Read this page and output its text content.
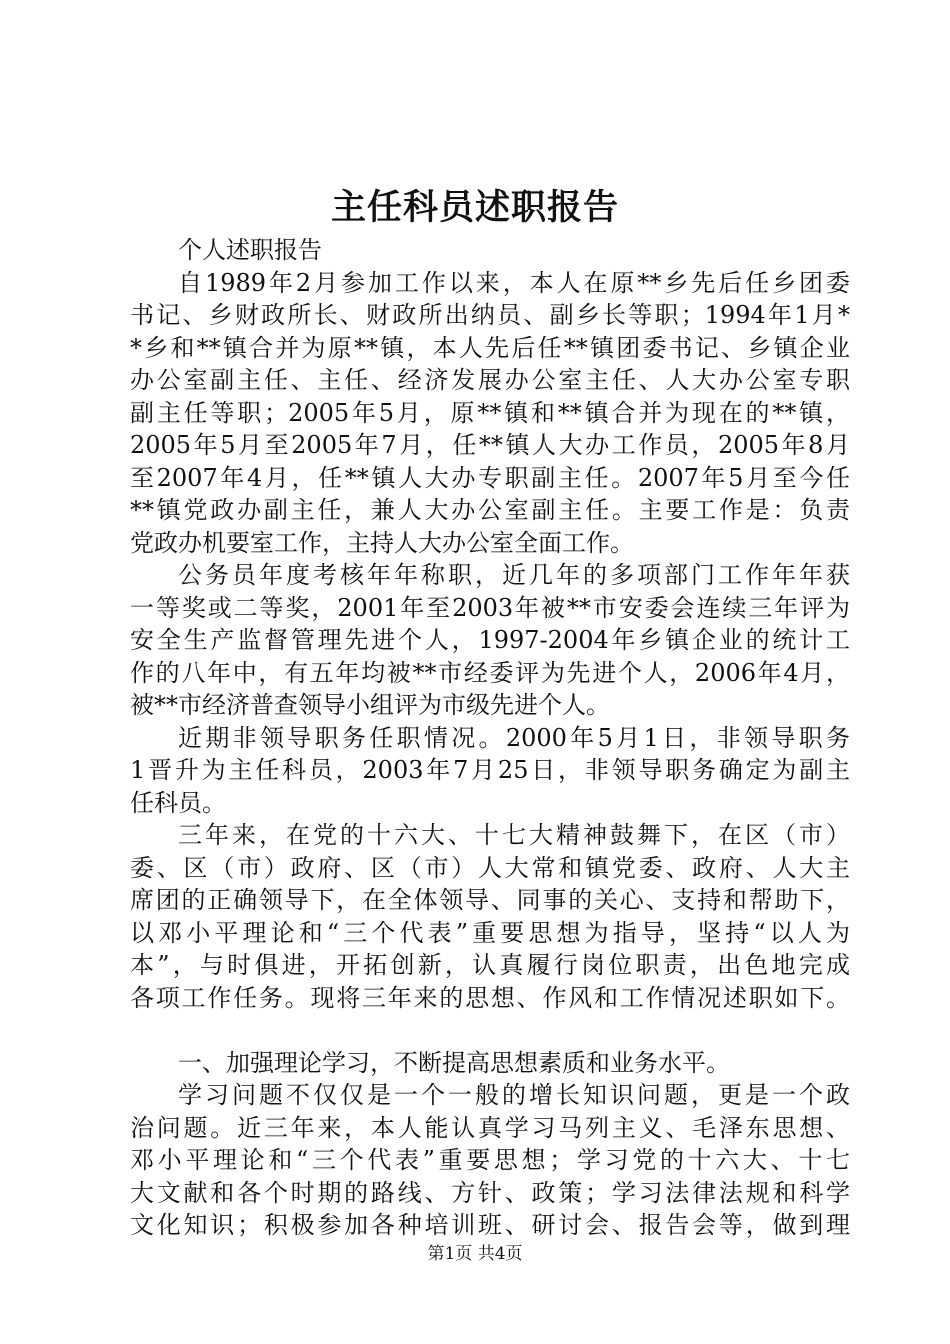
主任科员述职报告
个人述职报告
自1989年2月参加工作以来，本人在原**乡先后任乡团委
书记、乡财政所长、财政所出纳员、副乡长等职；1994年1月*
*乡和**镇合并为原**镇，本人先后任**镇团委书记、乡镇企业
办公室副主任、主任、经济发展办公室主任、人大办公室专职
副主任等职；2005年5月，原**镇和**镇合并为现在的**镇，
2005年5月至2005年7月，任**镇人大办工作员，2005年8月
至2007年4月，任**镇人大办专职副主任。2007年5月至今任
**镇党政办副主任，兼人大办公室副主任。主要工作是：负责
党政办机要室工作，主持人大办公室全面工作。
公务员年度考核年年称职，近几年的多项部门工作年年获
一等奖或二等奖，2001年至2003年被**市安委会连续三年评为
安全生产监督管理先进个人，1997-2004年乡镇企业的统计工
作的八年中，有五年均被**市经委评为先进个人，2006年4月，
被**市经济普查领导小组评为市级先进个人。
近期非领导职务任职情况。2000年5月1日，非领导职务
1晋升为主任科员，2003年7月25日，非领导职务确定为副主
任科员。
三年来，在党的十六大、十七大精神鼓舞下，在区（市）
委、区（市）政府、区（市）人大常和镇党委、政府、人大主
席团的正确领导下，在全体领导、同事的关心、支持和帮助下，
以邓小平理论和“三个代表”重要思想为指导，坚持“以人为
本”，与时俱进，开拓创新，认真履行岗位职责，出色地完成
各项工作任务。现将三年来的思想、作风和工作情况述职如下。
一、加强理论学习，不断提高思想素质和业务水平。
学习问题不仅仅是一个一般的增长知识问题，更是一个政
治问题。近三年来，本人能认真学习马列主义、毛泽东思想、
邓小平理论和“三个代表”重要思想；学习党的十六大、十七
大文献和各个时期的路线、方针、政策；学习法律法规和科学
文化知识；积极参加各种培训班、研讨会、报告会等，做到理
第1页 共4页
